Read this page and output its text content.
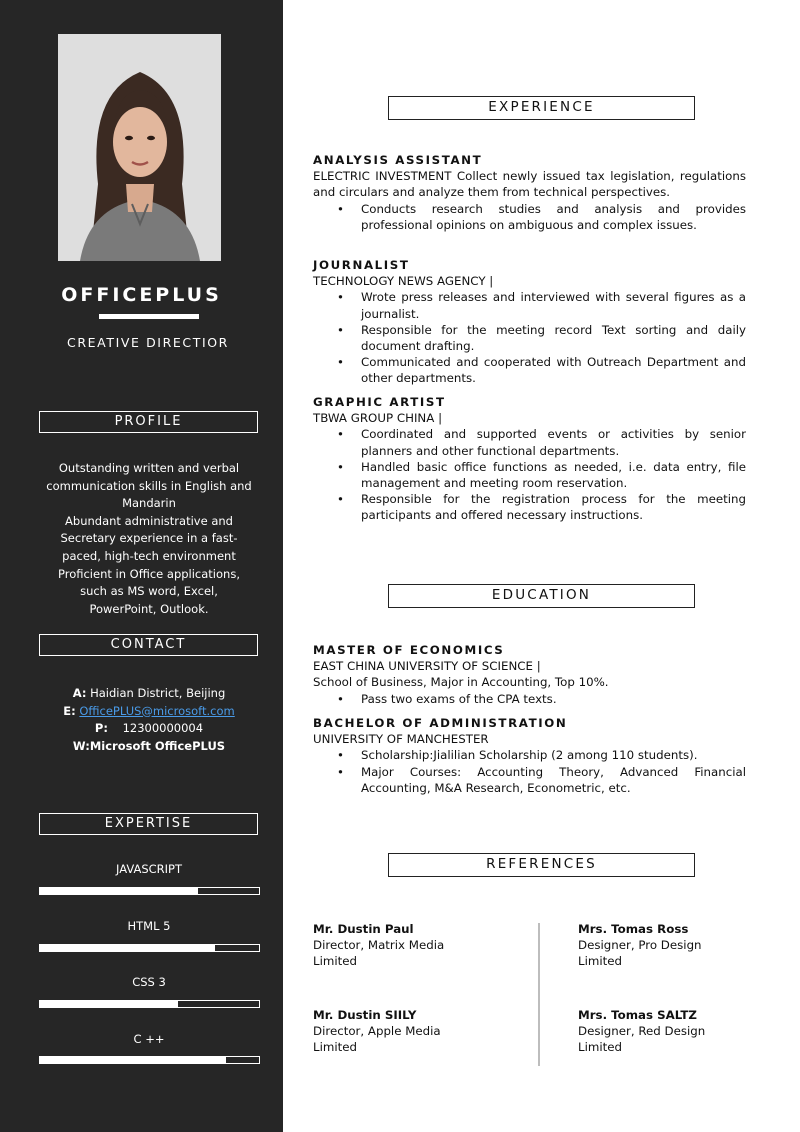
OFFICEPLUS
CREATIVE DIRECTIOR
PROFILE
Outstanding written and verbal
communication skills in English and
Mandarin
Abundant administrative and
Secretary experience in a fast-
paced, high-tech environment
Proficient in Office applications,
such as MS word, Excel,
PowerPoint, Outlook.
CONTACT
A: Haidian District, Beijing
E: OfficePLUS@microsoft.com
P: 12300000004
W:Microsoft OfficePLUS
EXPERTISE
JAVASCRIPT
HTML 5
CSS 3
C ++
EXPERIENCE
ANALYSIS ASSISTANT
ELECTRIC INVESTMENT Collect newly issued tax legislation, regulations and circulars and analyze them from technical perspectives.
• Conducts research studies and analysis and provides professional opinions on ambiguous and complex issues.
JOURNALIST
TECHNOLOGY NEWS AGENCY |
• Wrote press releases and interviewed with several figures as a journalist.
• Responsible for the meeting record Text sorting and daily document drafting.
• Communicated and cooperated with Outreach Department and other departments.
GRAPHIC ARTIST
TBWA GROUP CHINA |
• Coordinated and supported events or activities by senior planners and other functional departments.
• Handled basic office functions as needed, i.e. data entry, file management and meeting room reservation.
• Responsible for the registration process for the meeting participants and offered necessary instructions.
EDUCATION
MASTER OF ECONOMICS
EAST CHINA UNIVERSITY OF SCIENCE |
School of Business, Major in Accounting, Top 10%.
• Pass two exams of the CPA texts.
BACHELOR OF ADMINISTRATION
UNIVERSITY OF MANCHESTER
• Scholarship:Jialilian Scholarship (2 among 110 students).
• Major Courses: Accounting Theory, Advanced Financial Accounting, M&A Research, Econometric, etc.
REFERENCES
Mr. Dustin Paul
Director, Matrix Media
Limited
Mrs. Tomas Ross
Designer, Pro Design
Limited
Mr. Dustin SIILY
Director, Apple Media
Limited
Mrs. Tomas SALTZ
Designer, Red Design
Limited
